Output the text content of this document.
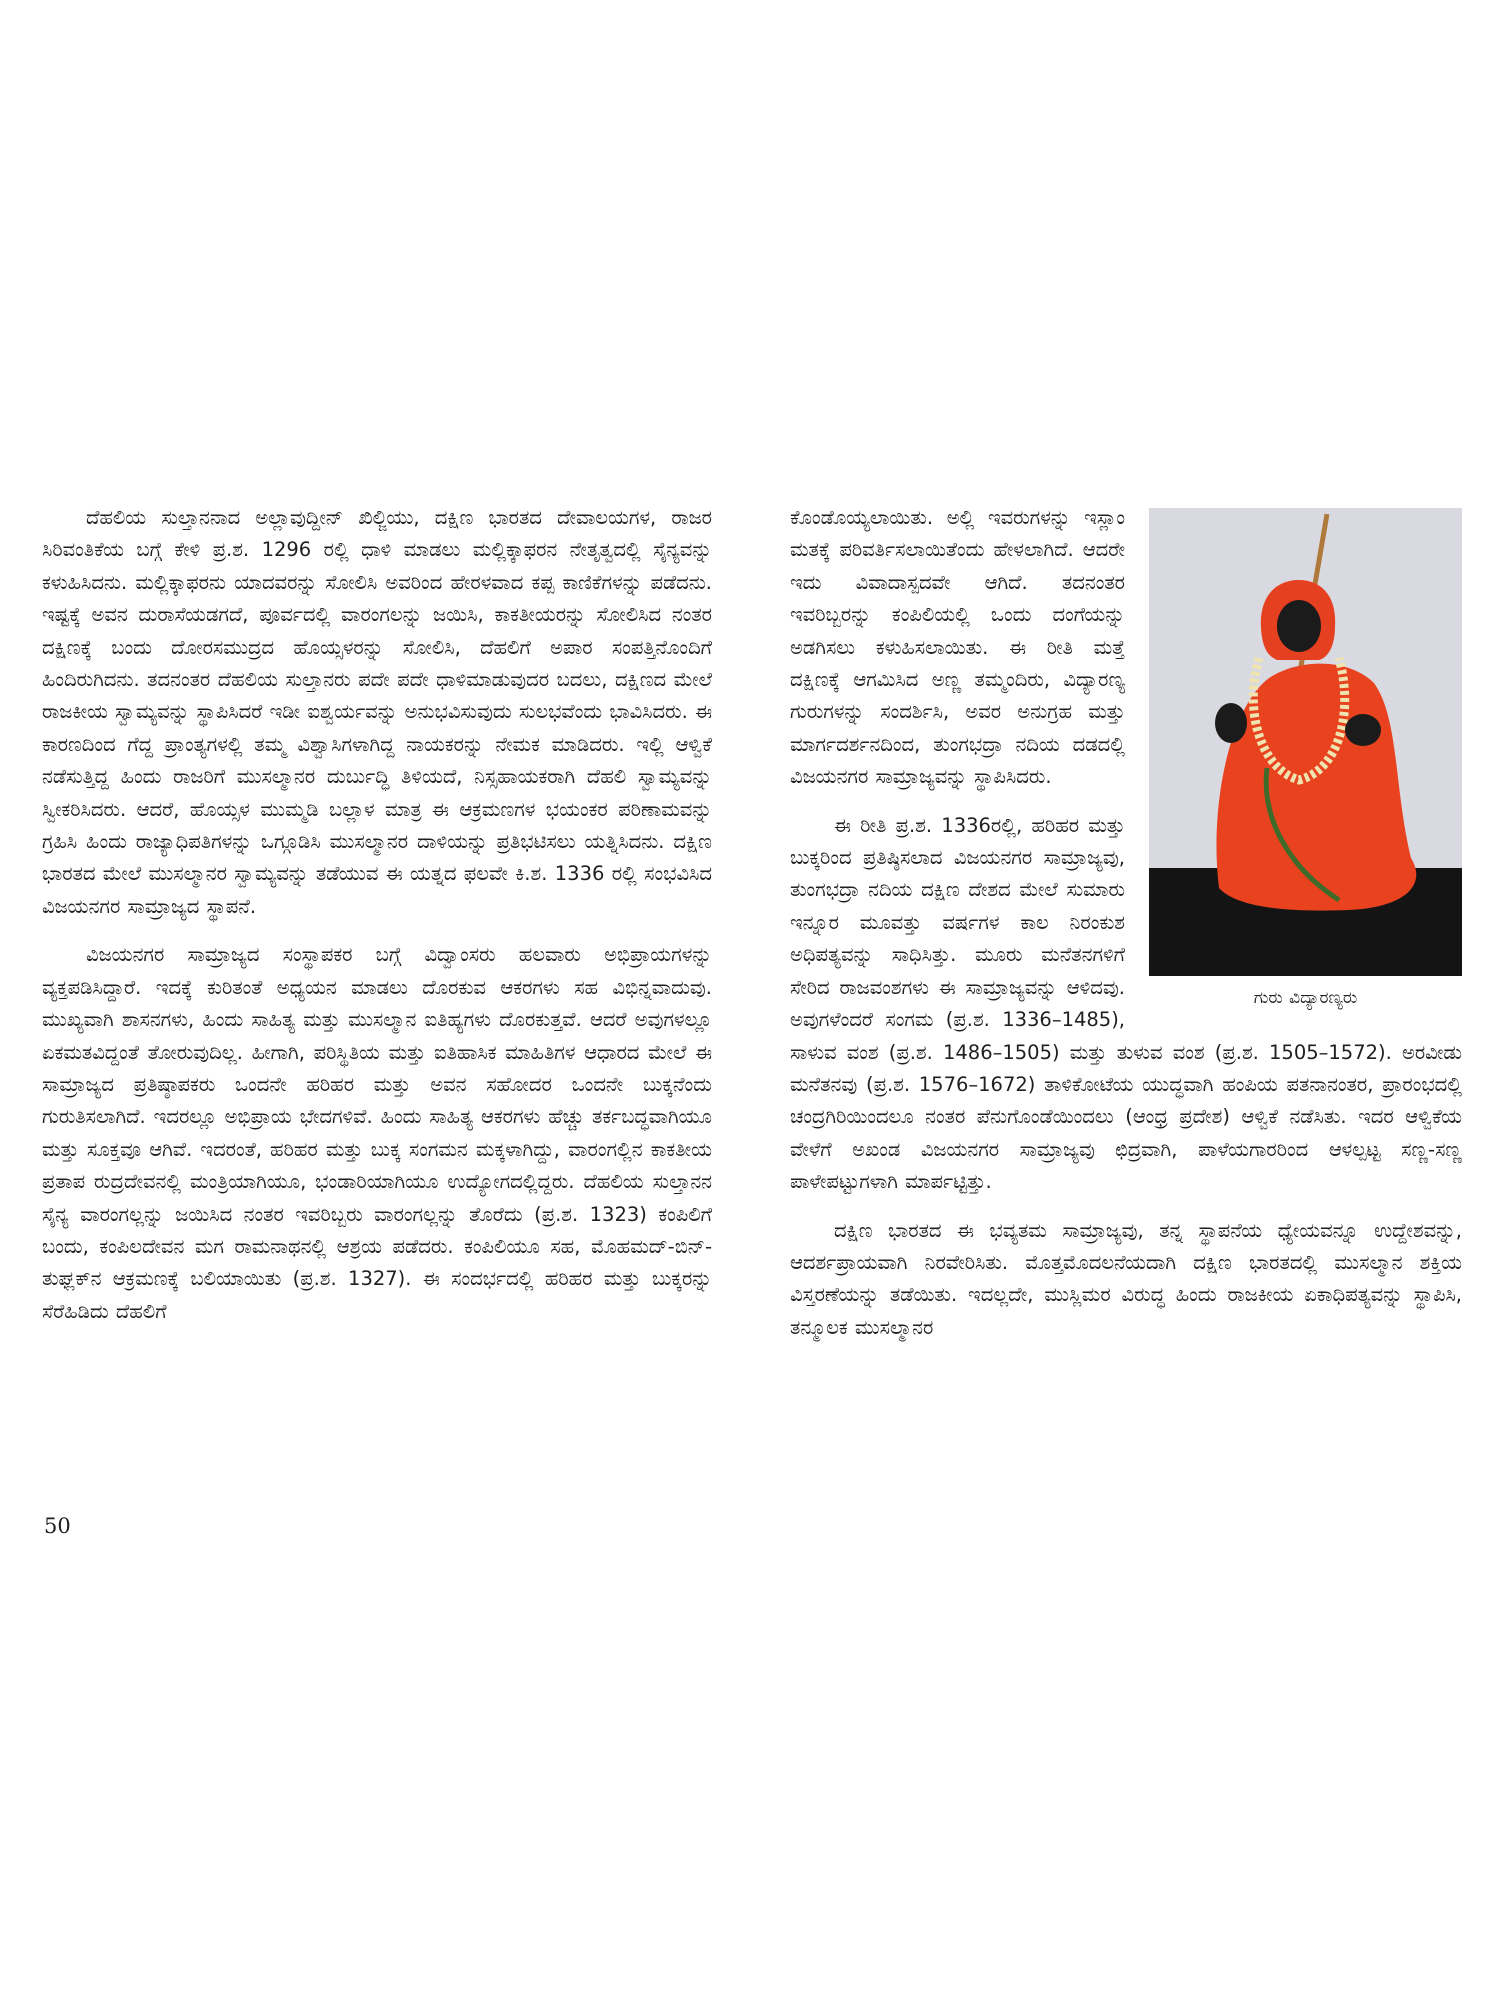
ದೆಹಲಿಯ ಸುಲ್ತಾನನಾದ ಅಲ್ಲಾವುದ್ದೀನ್ ಖಿಲ್ಜಿಯು, ದಕ್ಷಿಣ ಭಾರತದ ದೇವಾಲಯಗಳ, ರಾಜರ ಸಿರಿವಂತಿಕೆಯ ಬಗ್ಗೆ ಕೇಳಿ ಪ್ರ.ಶ. 1296 ರಲ್ಲಿ ಧಾಳಿ ಮಾಡಲು ಮಲ್ಲಿಕ್ಕಾಫರನ ನೇತೃತ್ವದಲ್ಲಿ ಸೈನ್ಯವನ್ನು ಕಳುಹಿಸಿದನು. ಮಲ್ಲಿಕ್ಕಾಫರನು ಯಾದವರನ್ನು ಸೋಲಿಸಿ ಅವರಿಂದ ಹೇರಳವಾದ ಕಪ್ಪ ಕಾಣಿಕೆಗಳನ್ನು ಪಡೆದನು. ಇಷ್ಟಕ್ಕೆ ಅವನ ದುರಾಸೆಯಡಗದೆ, ಪೂರ್ವದಲ್ಲಿ ವಾರಂಗಲನ್ನು ಜಯಿಸಿ, ಕಾಕತೀಯರನ್ನು ಸೋಲಿಸಿದ ನಂತರ ದಕ್ಷಿಣಕ್ಕೆ ಬಂದು ದೋರಸಮುದ್ರದ ಹೊಯ್ಸಳರನ್ನು ಸೋಲಿಸಿ, ದೆಹಲಿಗೆ ಅಪಾರ ಸಂಪತ್ತಿನೊಂದಿಗೆ ಹಿಂದಿರುಗಿದನು. ತದನಂತರ ದೆಹಲಿಯ ಸುಲ್ತಾನರು ಪದೇ ಪದೇ ಧಾಳಿಮಾಡುವುದರ ಬದಲು, ದಕ್ಷಿಣದ ಮೇಲೆ ರಾಜಕೀಯ ಸ್ವಾಮ್ಯವನ್ನು ಸ್ಥಾಪಿಸಿದರೆ ಇಡೀ ಐಶ್ವರ್ಯವನ್ನು ಅನುಭವಿಸುವುದು ಸುಲಭವೆಂದು ಭಾವಿಸಿದರು. ಈ ಕಾರಣದಿಂದ ಗೆದ್ದ ಪ್ರಾಂತ್ಯಗಳಲ್ಲಿ ತಮ್ಮ ವಿಶ್ವಾಸಿಗಳಾಗಿದ್ದ ನಾಯಕರನ್ನು ನೇಮಕ ಮಾಡಿದರು. ಇಲ್ಲಿ ಆಳ್ವಿಕೆ ನಡೆಸುತ್ತಿದ್ದ ಹಿಂದು ರಾಜರಿಗೆ ಮುಸಲ್ಮಾನರ ದುರ್ಬುದ್ಧಿ ತಿಳಿಯದೆ, ನಿಸ್ಸಹಾಯಕರಾಗಿ ದೆಹಲಿ ಸ್ವಾಮ್ಯವನ್ನು ಸ್ವೀಕರಿಸಿದರು. ಆದರೆ, ಹೊಯ್ಸಳ ಮುಮ್ಮಡಿ ಬಲ್ಲಾಳ ಮಾತ್ರ ಈ ಆಕ್ರಮಣಗಳ ಭಯಂಕರ ಪರಿಣಾಮವನ್ನು ಗ್ರಹಿಸಿ ಹಿಂದು ರಾಜ್ಯಾಧಿಪತಿಗಳನ್ನು ಒಗ್ಗೂಡಿಸಿ ಮುಸಲ್ಮಾನರ ದಾಳಿಯನ್ನು ಪ್ರತಿಭಟಿಸಲು ಯತ್ನಿಸಿದನು. ದಕ್ಷಿಣ ಭಾರತದ ಮೇಲೆ ಮುಸಲ್ಮಾನರ ಸ್ವಾಮ್ಯವನ್ನು ತಡೆಯುವ ಈ ಯತ್ನದ ಫಲವೇ ಕಿ.ಶ. 1336 ರಲ್ಲಿ ಸಂಭವಿಸಿದ ವಿಜಯನಗರ ಸಾಮ್ರಾಜ್ಯದ ಸ್ಥಾಪನೆ.

ವಿಜಯನಗರ ಸಾಮ್ರಾಜ್ಯದ ಸಂಸ್ಥಾಪಕರ ಬಗ್ಗೆ ವಿದ್ವಾಂಸರು ಹಲವಾರು ಅಭಿಪ್ರಾಯಗಳನ್ನು ವ್ಯಕ್ತಪಡಿಸಿದ್ದಾರೆ. ಇದಕ್ಕೆ ಕುರಿತಂತೆ ಅಧ್ಯಯನ ಮಾಡಲು ದೊರಕುವ ಆಕರಗಳು ಸಹ ವಿಭಿನ್ನವಾದುವು. ಮುಖ್ಯವಾಗಿ ಶಾಸನಗಳು, ಹಿಂದು ಸಾಹಿತ್ಯ ಮತ್ತು ಮುಸಲ್ಮಾನ ಐತಿಹ್ಯಗಳು ದೊರಕುತ್ತವೆ. ಆದರೆ ಅವುಗಳಲ್ಲೂ ಏಕಮತವಿದ್ದಂತೆ ತೋರುವುದಿಲ್ಲ. ಹೀಗಾಗಿ, ಪರಿಸ್ಥಿತಿಯ ಮತ್ತು ಐತಿಹಾಸಿಕ ಮಾಹಿತಿಗಳ ಆಧಾರದ ಮೇಲೆ ಈ ಸಾಮ್ರಾಜ್ಯದ ಪ್ರತಿಷ್ಠಾಪಕರು ಒಂದನೇ ಹರಿಹರ ಮತ್ತು ಅವನ ಸಹೋದರ ಒಂದನೇ ಬುಕ್ಕನೆಂದು ಗುರುತಿಸಲಾಗಿದೆ. ಇದರಲ್ಲೂ ಅಭಿಪ್ರಾಯ ಭೇದಗಳಿವೆ. ಹಿಂದು ಸಾಹಿತ್ಯ ಆಕರಗಳು ಹೆಚ್ಚು ತರ್ಕಬದ್ಧವಾಗಿಯೂ ಮತ್ತು ಸೂಕ್ತವೂ ಆಗಿವೆ. ಇದರಂತೆ, ಹರಿಹರ ಮತ್ತು ಬುಕ್ಕ ಸಂಗಮನ ಮಕ್ಕಳಾಗಿದ್ದು, ವಾರಂಗಲ್ಲಿನ ಕಾಕತೀಯ ಪ್ರತಾಪ ರುದ್ರದೇವನಲ್ಲಿ ಮಂತ್ರಿಯಾಗಿಯೂ, ಭಂಡಾರಿಯಾಗಿಯೂ ಉದ್ಯೋಗದಲ್ಲಿದ್ದರು. ದೆಹಲಿಯ ಸುಲ್ತಾನನ ಸೈನ್ಯ ವಾರಂಗಲ್ಲನ್ನು ಜಯಿಸಿದ ನಂತರ ಇವರಿಬ್ಬರು ವಾರಂಗಲ್ಲನ್ನು ತೊರೆದು (ಪ್ರ.ಶ. 1323) ಕಂಪಿಲಿಗೆ ಬಂದು, ಕಂಪಿಲದೇವನ ಮಗ ರಾಮನಾಥನಲ್ಲಿ ಆಶ್ರಯ ಪಡೆದರು. ಕಂಪಿಲಿಯೂ ಸಹ, ಮೊಹಮದ್-ಬಿನ್-ತುಘ್ಲಕ್‌ನ ಆಕ್ರಮಣಕ್ಕೆ ಬಲಿಯಾಯಿತು (ಪ್ರ.ಶ. 1327). ಈ ಸಂದರ್ಭದಲ್ಲಿ ಹರಿಹರ ಮತ್ತು ಬುಕ್ಕರನ್ನು ಸೆರೆಹಿಡಿದು ದೆಹಲಿಗೆ

50
ಗುರು ವಿದ್ಯಾರಣ್ಯರು

ಕೊಂಡೊಯ್ಯಲಾಯಿತು. ಅಲ್ಲಿ ಇವರುಗಳನ್ನು ಇಸ್ಲಾಂ ಮತಕ್ಕೆ ಪರಿವರ್ತಿಸಲಾಯಿತೆಂದು ಹೇಳಲಾಗಿದೆ. ಆದರೇ ಇದು ವಿವಾದಾಸ್ಪದವೇ ಆಗಿದೆ. ತದನಂತರ ಇವರಿಬ್ಬರನ್ನು ಕಂಪಿಲಿಯಲ್ಲಿ ಒಂದು ದಂಗೆಯನ್ನು ಅಡಗಿಸಲು ಕಳುಹಿಸಲಾಯಿತು. ಈ ರೀತಿ ಮತ್ತೆ ದಕ್ಷಿಣಕ್ಕೆ ಆಗಮಿಸಿದ ಅಣ್ಣ ತಮ್ಮಂದಿರು, ವಿದ್ಯಾರಣ್ಯ ಗುರುಗಳನ್ನು ಸಂದರ್ಶಿಸಿ, ಅವರ ಅನುಗ್ರಹ ಮತ್ತು ಮಾರ್ಗದರ್ಶನದಿಂದ, ತುಂಗಭದ್ರಾ ನದಿಯ ದಡದಲ್ಲಿ ವಿಜಯನಗರ ಸಾಮ್ರಾಜ್ಯವನ್ನು ಸ್ಥಾಪಿಸಿದರು.

ಈ ರೀತಿ ಪ್ರ.ಶ. 1336ರಲ್ಲಿ, ಹರಿಹರ ಮತ್ತು ಬುಕ್ಕರಿಂದ ಪ್ರತಿಷ್ಠಿಸಲಾದ ವಿಜಯನಗರ ಸಾಮ್ರಾಜ್ಯವು, ತುಂಗಭದ್ರಾ ನದಿಯ ದಕ್ಷಿಣ ದೇಶದ ಮೇಲೆ ಸುಮಾರು ಇನ್ನೂರ ಮೂವತ್ತು ವರ್ಷಗಳ ಕಾಲ ನಿರಂಕುಶ ಅಧಿಪತ್ಯವನ್ನು ಸಾಧಿಸಿತ್ತು. ಮೂರು ಮನೆತನಗಳಿಗೆ ಸೇರಿದ ರಾಜವಂಶಗಳು ಈ ಸಾಮ್ರಾಜ್ಯವನ್ನು ಆಳಿದವು. ಅವುಗಳೆಂದರೆ ಸಂಗಮ (ಪ್ರ.ಶ. 1336–1485), ಸಾಳುವ ವಂಶ (ಪ್ರ.ಶ. 1486–1505) ಮತ್ತು ತುಳುವ ವಂಶ (ಪ್ರ.ಶ. 1505–1572). ಅರವೀಡು ಮನೆತನವು (ಪ್ರ.ಶ. 1576–1672) ತಾಳಿಕೋಟೆಯ ಯುದ್ಧವಾಗಿ ಹಂಪಿಯ ಪತನಾನಂತರ, ಪ್ರಾರಂಭದಲ್ಲಿ ಚಂದ್ರಗಿರಿಯಿಂದಲೂ ನಂತರ ಪೆನುಗೊಂಡೆಯಿಂದಲು (ಆಂಧ್ರ ಪ್ರದೇಶ) ಆಳ್ವಿಕೆ ನಡೆಸಿತು. ಇದರ ಆಳ್ವಿಕೆಯ ವೇಳೆಗೆ ಅಖಂಡ ವಿಜಯನಗರ ಸಾಮ್ರಾಜ್ಯವು ಛಿದ್ರವಾಗಿ, ಪಾಳೆಯಗಾರರಿಂದ ಆಳಲ್ಪಟ್ಟ ಸಣ್ಣ-ಸಣ್ಣ ಪಾಳೇಪಟ್ಟುಗಳಾಗಿ ಮಾರ್ಪಟ್ಟಿತ್ತು.

ದಕ್ಷಿಣ ಭಾರತದ ಈ ಭವ್ಯತಮ ಸಾಮ್ರಾಜ್ಯವು, ತನ್ನ ಸ್ಥಾಪನೆಯ ಧ್ಯೇಯವನ್ನೂ ಉದ್ದೇಶವನ್ನು, ಆದರ್ಶಪ್ರಾಯವಾಗಿ ನಿರವೇರಿಸಿತು. ಮೊತ್ತಮೊದಲನೆಯದಾಗಿ ದಕ್ಷಿಣ ಭಾರತದಲ್ಲಿ ಮುಸಲ್ಮಾನ ಶಕ್ತಿಯ ವಿಸ್ತರಣೆಯನ್ನು ತಡೆಯಿತು. ಇದಲ್ಲದೇ, ಮುಸ್ಲಿಮರ ವಿರುದ್ಧ ಹಿಂದು ರಾಜಕೀಯ ಏಕಾಧಿಪತ್ಯವನ್ನು ಸ್ಥಾಪಿಸಿ, ತನ್ಮೂಲಕ ಮುಸಲ್ಮಾನರ
